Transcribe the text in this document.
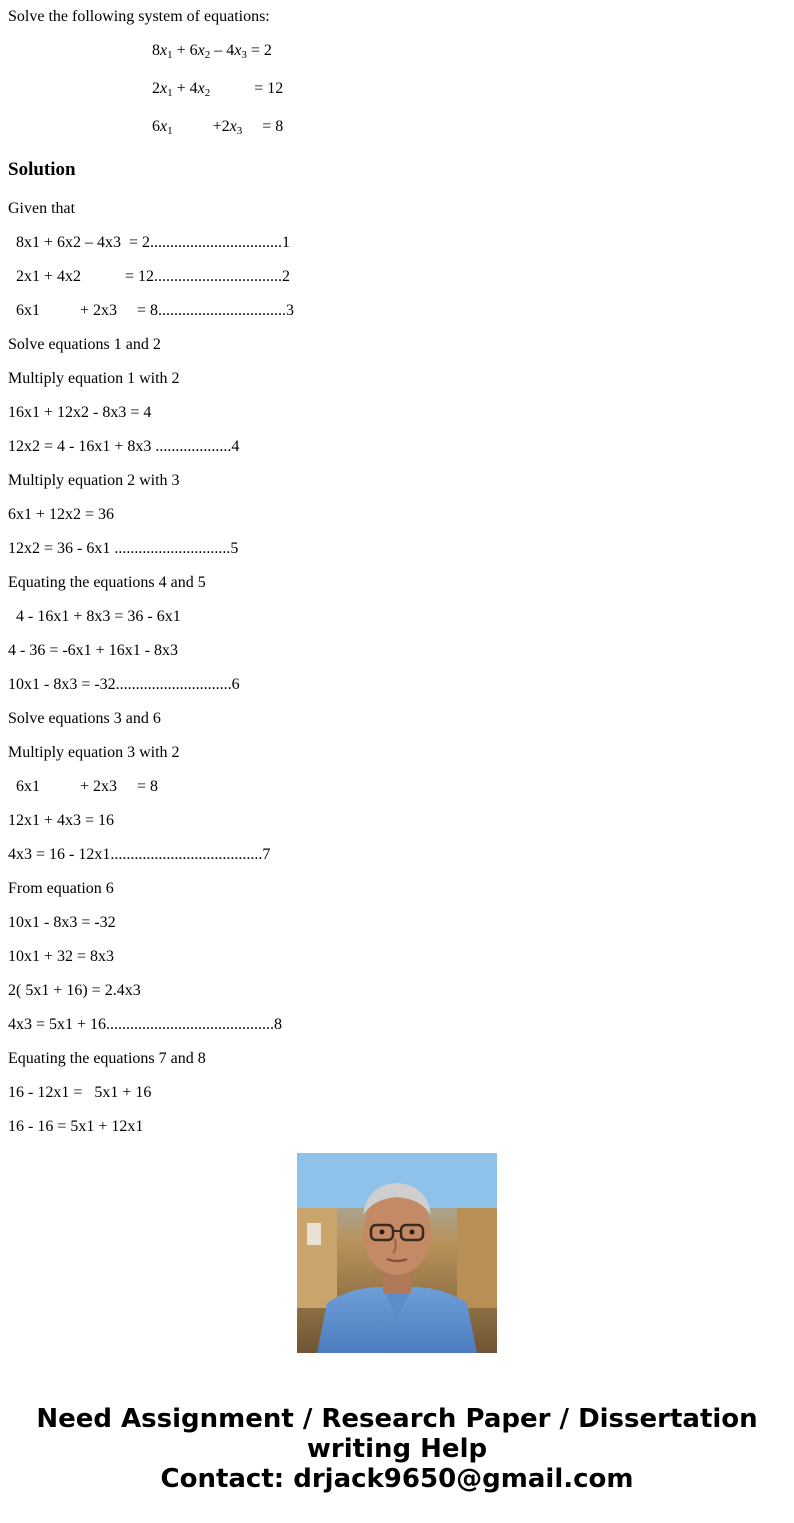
Solve the following system of equations:
$8x_1 + 6x_2 - 4x_3 = 2$
$2x_1 + 4x_2$           = 12
$6x_1$          $+2x_3$     = 8
Solution
Given that
8x1 + 6x2 – 4x3  = 2.................................1
2x1 + 4x2           = 12................................2
6x1          + 2x3     = 8................................3
Solve equations 1 and 2
Multiply equation 1 with 2
16x1 + 12x2 - 8x3 = 4
12x2 = 4 - 16x1 + 8x3 ...................4
Multiply equation 2 with 3
6x1 + 12x2 = 36
12x2 = 36 - 6x1 .............................5
Equating the equations 4 and 5
4 - 16x1 + 8x3 = 36 - 6x1
4 - 36 = -6x1 + 16x1 - 8x3
10x1 - 8x3 = -32.............................6
Solve equations 3 and 6
Multiply equation 3 with 2
6x1          + 2x3     = 8
12x1 + 4x3 = 16
4x3 = 16 - 12x1......................................7
From equation 6
10x1 - 8x3 = -32
10x1 + 32 = 8x3
2( 5x1 + 16) = 2.4x3
4x3 = 5x1 + 16..........................................8
Equating the equations 7 and 8
16 - 12x1 =   5x1 + 16
16 - 16 = 5x1 + 12x1
Need Assignment / Research Paper / Dissertation
writing Help
Contact: drjack9650@gmail.com
